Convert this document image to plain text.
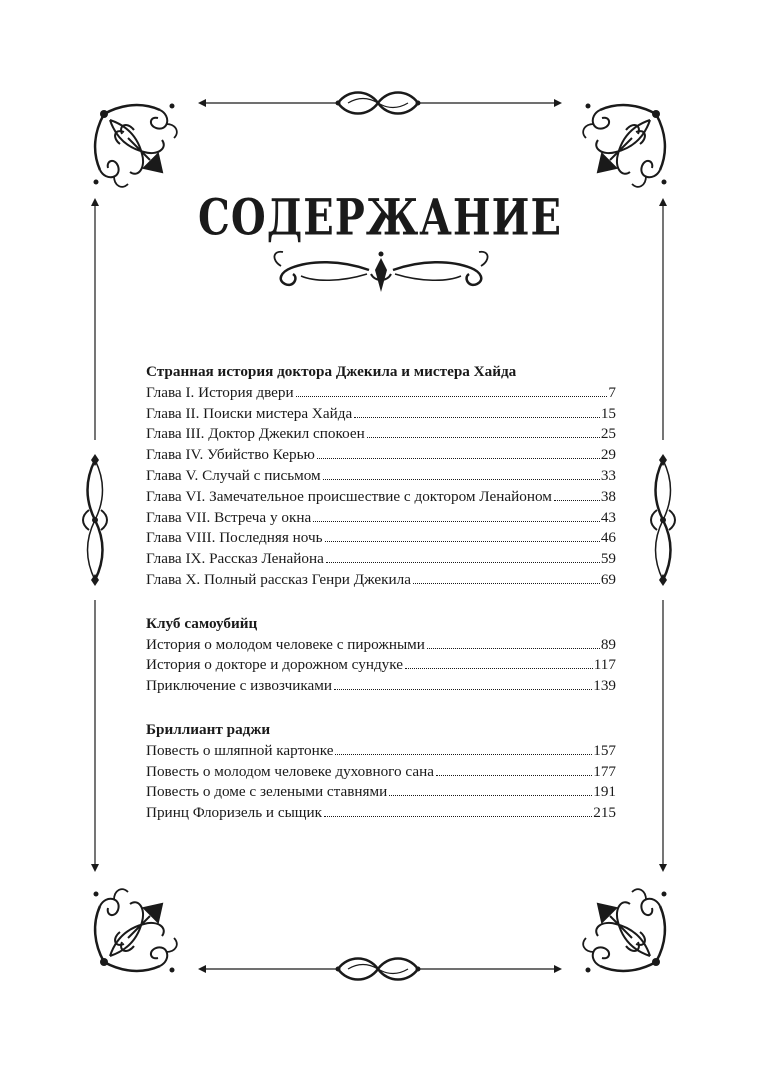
СОДЕРЖАНИЕ
Странная история доктора Джекила и мистера Хайда
Глава I. История двери	7
Глава II. Поиски мистера Хайда	15
Глава III. Доктор Джекил спокоен	25
Глава IV. Убийство Керью	29
Глава V. Случай с письмом	33
Глава VI. Замечательное происшествие с доктором Ленайоном	38
Глава VII. Встреча у окна	43
Глава VIII. Последняя ночь	46
Глава IX. Рассказ Ленайона	59
Глава X. Полный рассказ Генри Джекила	69
Клуб самоубийц
История о молодом человеке с пирожными	89
История о докторе и дорожном сундуке	117
Приключение с извозчиками	139
Бриллиант раджи
Повесть о шляпной картонке	157
Повесть о молодом человеке духовного сана	177
Повесть о доме с зелеными ставнями	191
Принц Флоризель и сыщик	215
